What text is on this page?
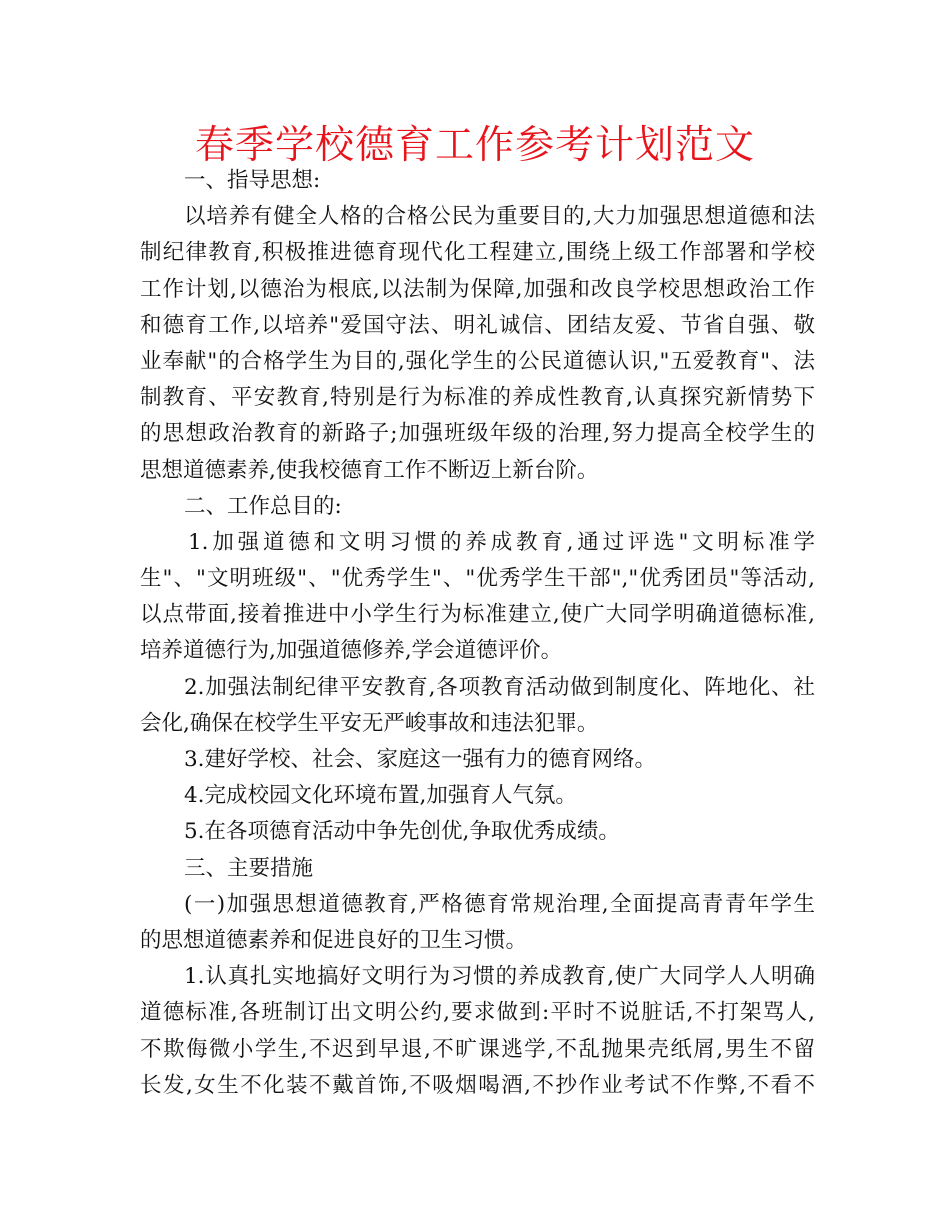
春季学校德育工作参考计划范文
一、指导思想:
以培养有健全人格的合格公民为重要目的,大力加强思想道德和法
制纪律教育,积极推进德育现代化工程建立,围绕上级工作部署和学校
工作计划,以德治为根底,以法制为保障,加强和改良学校思想政治工作
和德育工作,以培养"爱国守法、明礼诚信、团结友爱、节省自强、敬
业奉献"的合格学生为目的,强化学生的公民道德认识,"五爱教育"、法
制教育、平安教育,特别是行为标准的养成性教育,认真探究新情势下
的思想政治教育的新路子;加强班级年级的治理,努力提高全校学生的
思想道德素养,使我校德育工作不断迈上新台阶。
二、工作总目的:
1.加强道德和文明习惯的养成教育,通过评选"文明标准学
生"、"文明班级"、"优秀学生"、"优秀学生干部","优秀团员"等活动,
以点带面,接着推进中小学生行为标准建立,使广大同学明确道德标准,
培养道德行为,加强道德修养,学会道德评价。
2.加强法制纪律平安教育,各项教育活动做到制度化、阵地化、社
会化,确保在校学生平安无严峻事故和违法犯罪。
3.建好学校、社会、家庭这一强有力的德育网络。
4.完成校园文化环境布置,加强育人气氛。
5.在各项德育活动中争先创优,争取优秀成绩。
三、主要措施
(一)加强思想道德教育,严格德育常规治理,全面提高青青年学生
的思想道德素养和促进良好的卫生习惯。
1.认真扎实地搞好文明行为习惯的养成教育,使广大同学人人明确
道德标准,各班制订出文明公约,要求做到:平时不说脏话,不打架骂人,
不欺侮微小学生,不迟到早退,不旷课逃学,不乱抛果壳纸屑,男生不留
长发,女生不化装不戴首饰,不吸烟喝酒,不抄作业考试不作弊,不看不
